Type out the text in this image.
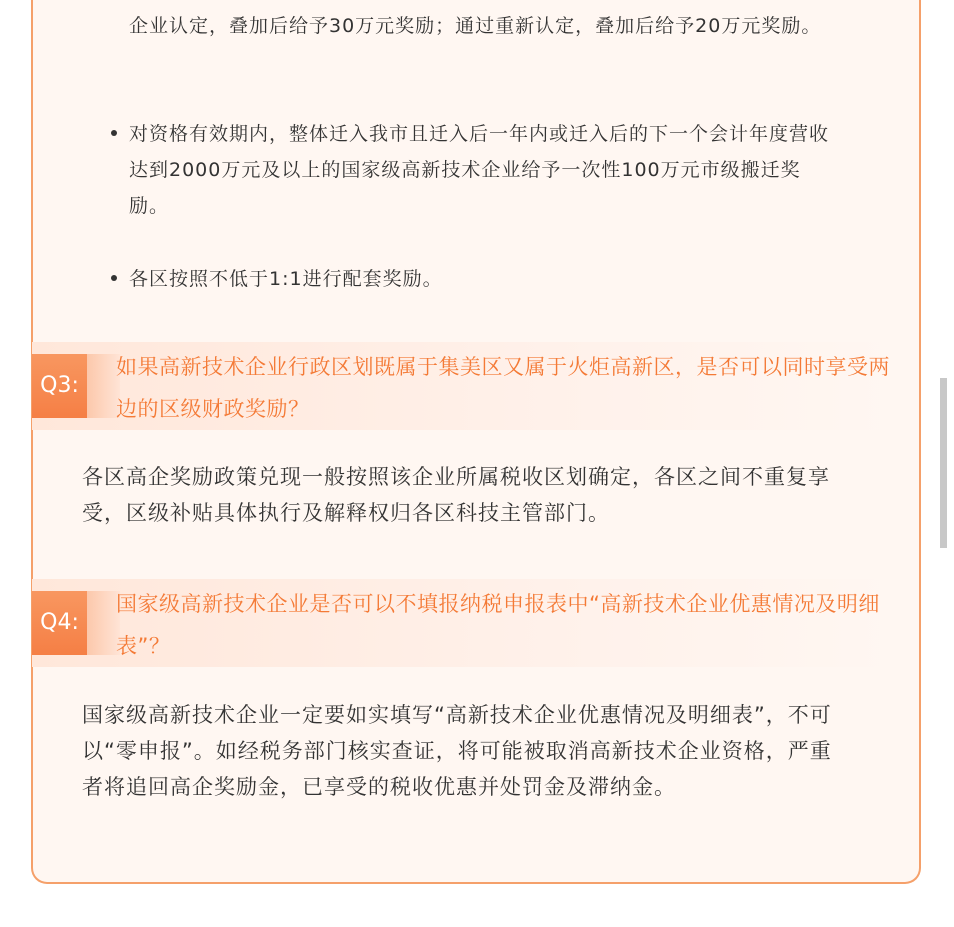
企业认定，叠加后给予30万元奖励；通过重新认定，叠加后给予20万元奖励。
对资格有效期内，整体迁入我市且迁入后一年内或迁入后的下一个会计年度营收达到2000万元及以上的国家级高新技术企业给予一次性100万元市级搬迁奖励。
各区按照不低于1:1进行配套奖励。
Q3:
如果高新技术企业行政区划既属于集美区又属于火炬高新区，是否可以同时享受两边的区级财政奖励？
各区高企奖励政策兑现一般按照该企业所属税收区划确定，各区之间不重复享受，区级补贴具体执行及解释权归各区科技主管部门。
Q4:
国家级高新技术企业是否可以不填报纳税申报表中“高新技术企业优惠情况及明细表”？
国家级高新技术企业一定要如实填写“高新技术企业优惠情况及明细表”，不可以“零申报”。如经税务部门核实查证，将可能被取消高新技术企业资格，严重者将追回高企奖励金，已享受的税收优惠并处罚金及滞纳金。
